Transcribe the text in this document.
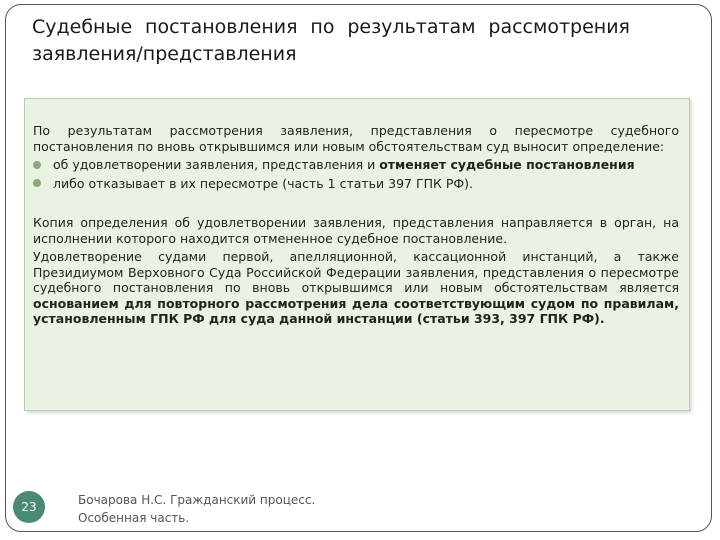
Судебные постановления по результатам рассмотрения
заявления/представления

По результатам рассмотрения заявления, представления о пересмотре судебного постановления по вновь открывшимся или новым обстоятельствам суд выносит определение:

об удовлетворении заявления, представления и отменяет судебные постановления
либо отказывает в их пересмотре (часть 1 статьи 397 ГПК РФ).

Копия определения об удовлетворении заявления, представления направляется в орган, на исполнении которого находится отмененное судебное постановление.

Удовлетворение судами первой, апелляционной, кассационной инстанций, а также Президиумом Верховного Суда Российской Федерации заявления, представления о пересмотре судебного постановления по вновь открывшимся или новым обстоятельствам является основанием для повторного рассмотрения дела соответствующим судом по правилам, установленным ГПК РФ для суда данной инстанции (статьи 393, 397 ГПК РФ).

23	Бочарова Н.С. Гражданский процесс.
Особенная часть.
